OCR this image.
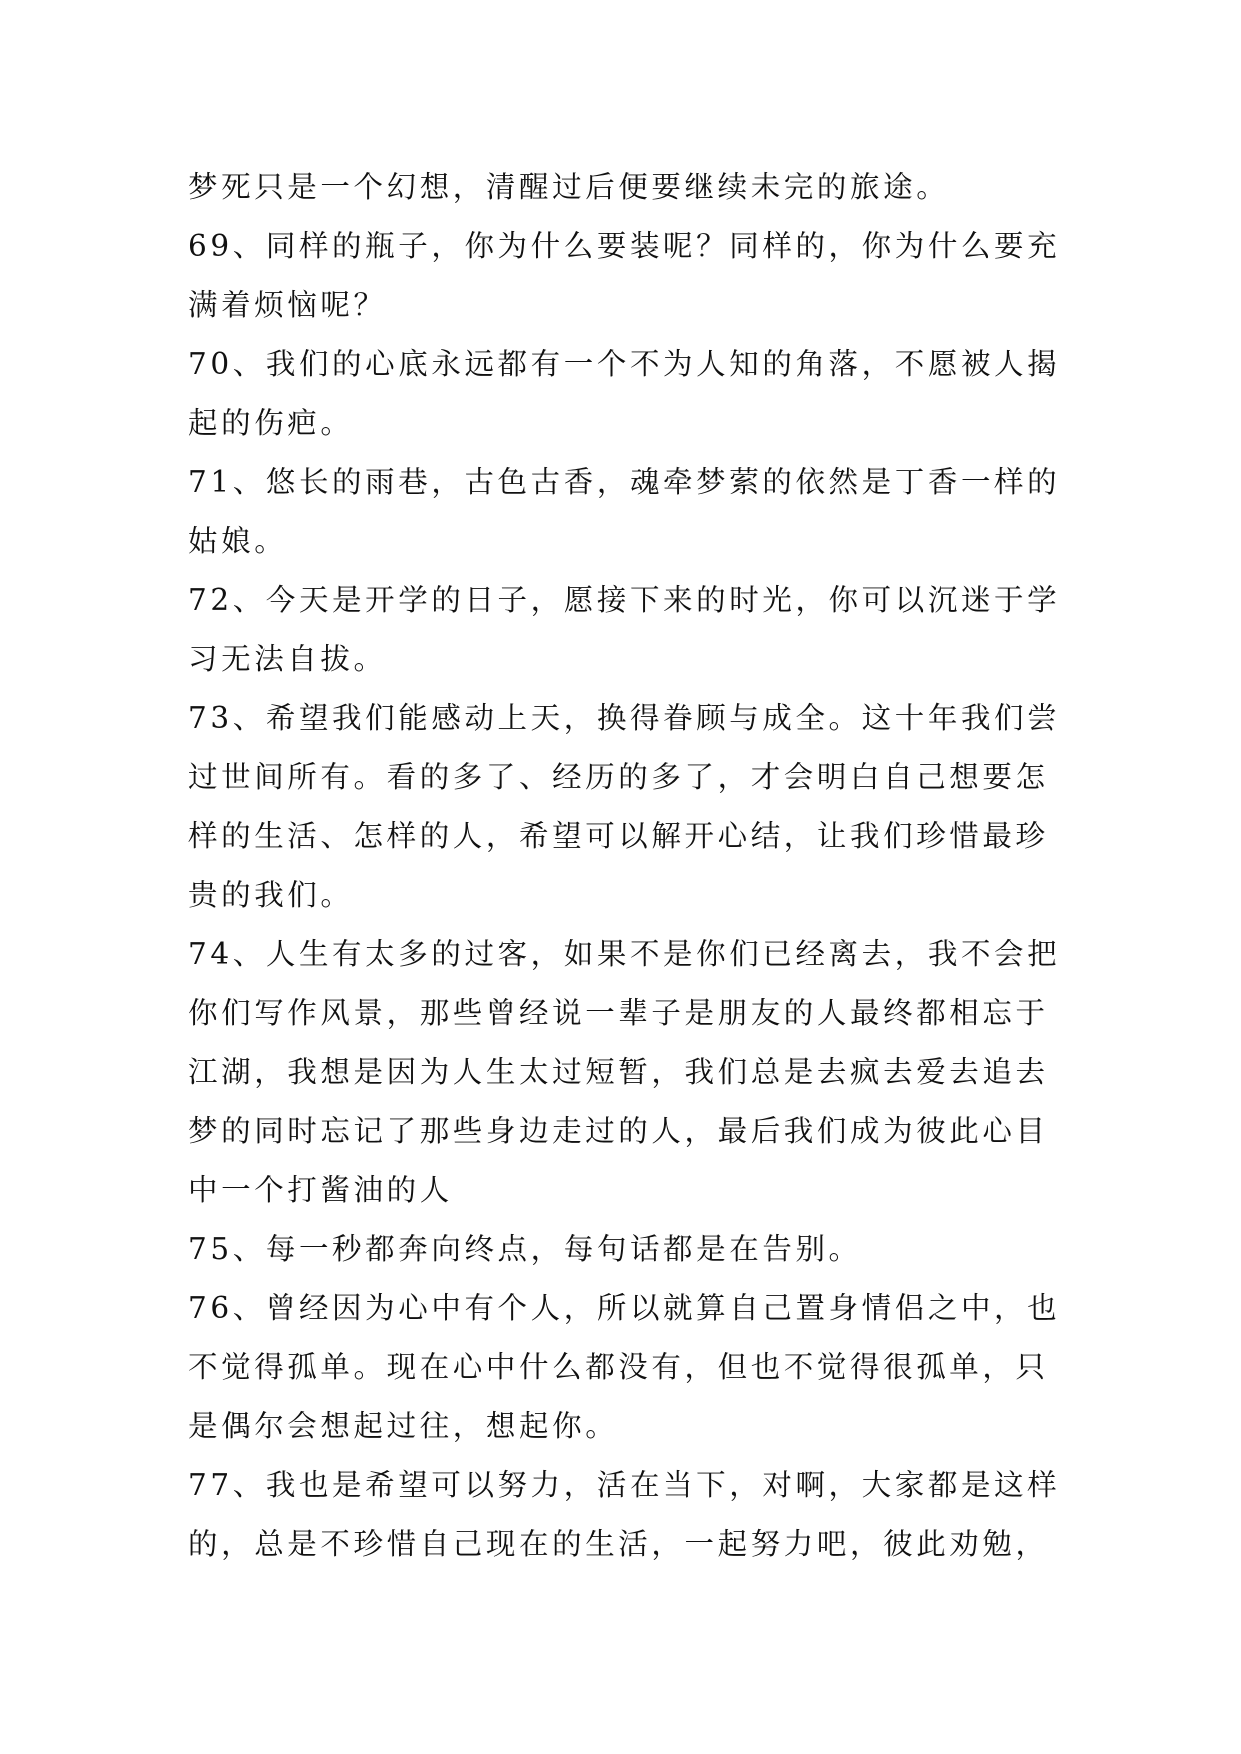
梦死只是一个幻想，清醒过后便要继续未完的旅途。
69、同样的瓶子，你为什么要装呢？同样的，你为什么要充
满着烦恼呢？
70、我们的心底永远都有一个不为人知的角落，不愿被人揭
起的伤疤。
71、悠长的雨巷，古色古香，魂牵梦萦的依然是丁香一样的
姑娘。
72、今天是开学的日子，愿接下来的时光，你可以沉迷于学
习无法自拔。
73、希望我们能感动上天，换得眷顾与成全。这十年我们尝
过世间所有。看的多了、经历的多了，才会明白自己想要怎
样的生活、怎样的人，希望可以解开心结，让我们珍惜最珍
贵的我们。
74、人生有太多的过客，如果不是你们已经离去，我不会把
你们写作风景，那些曾经说一辈子是朋友的人最终都相忘于
江湖，我想是因为人生太过短暂，我们总是去疯去爱去追去
梦的同时忘记了那些身边走过的人，最后我们成为彼此心目
中一个打酱油的人
75、每一秒都奔向终点，每句话都是在告别。
76、曾经因为心中有个人，所以就算自己置身情侣之中，也
不觉得孤单。现在心中什么都没有，但也不觉得很孤单，只
是偶尔会想起过往，想起你。
77、我也是希望可以努力，活在当下，对啊，大家都是这样
的，总是不珍惜自己现在的生活，一起努力吧，彼此劝勉，
